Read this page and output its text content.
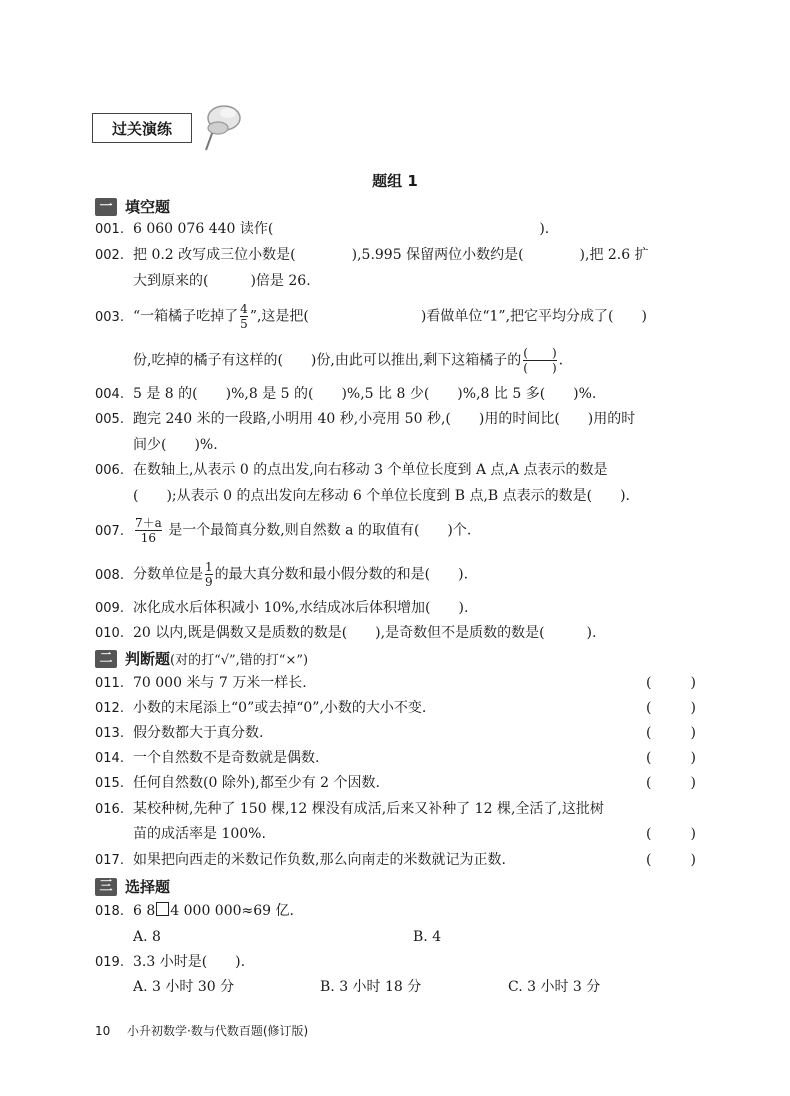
过关演练
题组 1
一 填空题
001. 6 060 076 440 读作(　　　　　　　　　　　　　　　　　　　).
002. 把 0.2 改写成三位小数是(　　　　),5.995 保留两位小数约是(　　　　),把 2.6 扩
大到原来的(　　　)倍是 26.
003. “一箱橘子吃掉了 $\frac{4}{5}$ ”,这是把(　　　　　　　　)看做单位“1”,把它平均分成了(　　)
份,吃掉的橘子有这样的(　　)份,由此可以推出,剩下这箱橘子的 $\frac{( )}{( )}$ .
004. 5 是 8 的(　　)%,8 是 5 的(　　)%,5 比 8 少(　　)%,8 比 5 多(　　)%.
005. 跑完 240 米的一段路,小明用 40 秒,小亮用 50 秒,(　　)用的时间比(　　)用的时
间少(　　)%.
006. 在数轴上,从表示 0 的点出发,向右移动 3 个单位长度到 A 点,A 点表示的数是
(　　);从表示 0 的点出发向左移动 6 个单位长度到 B 点,B 点表示的数是(　　).
007. $\frac{7+a}{16}$ 是一个最简真分数,则自然数 a 的取值有(　　)个.
008. 分数单位是 $\frac{1}{9}$ 的最大真分数和最小假分数的和是(　　).
009. 冰化成水后体积减小 10%,水结成冰后体积增加(　　).
010. 20 以内,既是偶数又是质数的数是(　　),是奇数但不是质数的数是(　　　).
二 判断题 (对的打“√”,错的打“×”)
011. 70 000 米与 7 万米一样长.	(	)
012. 小数的末尾添上“0”或去掉“0”,小数的大小不变.	(	)
013. 假分数都大于真分数.	(	)
014. 一个自然数不是奇数就是偶数.	(	)
015. 任何自然数(0 除外),都至少有 2 个因数.	(	)
016. 某校种树,先种了 150 棵,12 棵没有成活,后来又补种了 12 棵,全活了,这批树
苗的成活率是 100%.	(	)
017. 如果把向西走的米数记作负数,那么向南走的米数就记为正数.	(	)
三 选择题
018. 6 8 4 000 000≈69 亿.
A. 8	B. 4
019. 3.3 小时是(　　).
A. 3 小时 30 分	B. 3 小时 18 分	C. 3 小时 3 分
10 小升初数学·数与代数百题(修订版)
